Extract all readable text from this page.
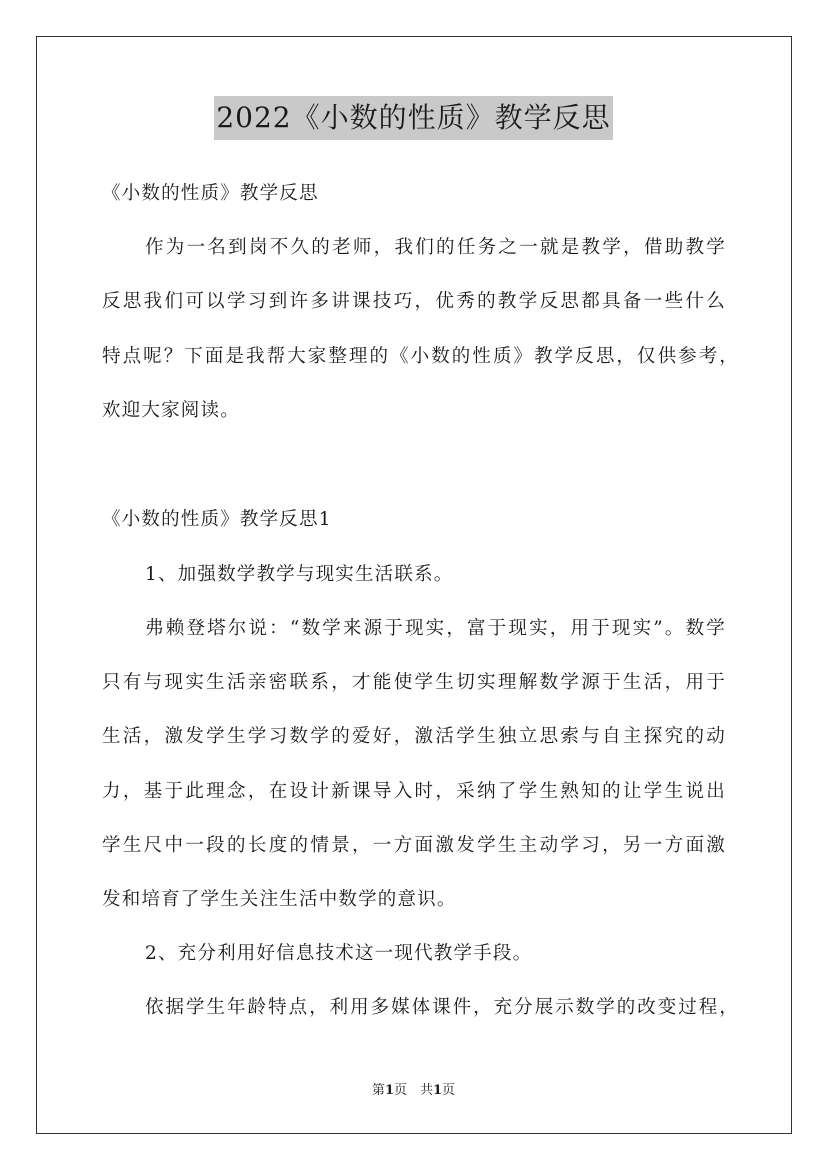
2022《小数的性质》教学反思
《小数的性质》教学反思
作为一名到岗不久的老师，我们的任务之一就是教学，借助教学
反思我们可以学习到许多讲课技巧，优秀的教学反思都具备一些什么
特点呢？下面是我帮大家整理的《小数的性质》教学反思，仅供参考，
欢迎大家阅读。
《小数的性质》教学反思1
1、加强数学教学与现实生活联系。
弗赖登塔尔说：“数学来源于现实，富于现实，用于现实”。数学
只有与现实生活亲密联系，才能使学生切实理解数学源于生活，用于
生活，激发学生学习数学的爱好，激活学生独立思索与自主探究的动
力，基于此理念，在设计新课导入时，采纳了学生熟知的让学生说出
学生尺中一段的长度的情景，一方面激发学生主动学习，另一方面激
发和培育了学生关注生活中数学的意识。
2、充分利用好信息技术这一现代教学手段。
依据学生年龄特点，利用多媒体课件，充分展示数学的改变过程，
第1页　共1页
